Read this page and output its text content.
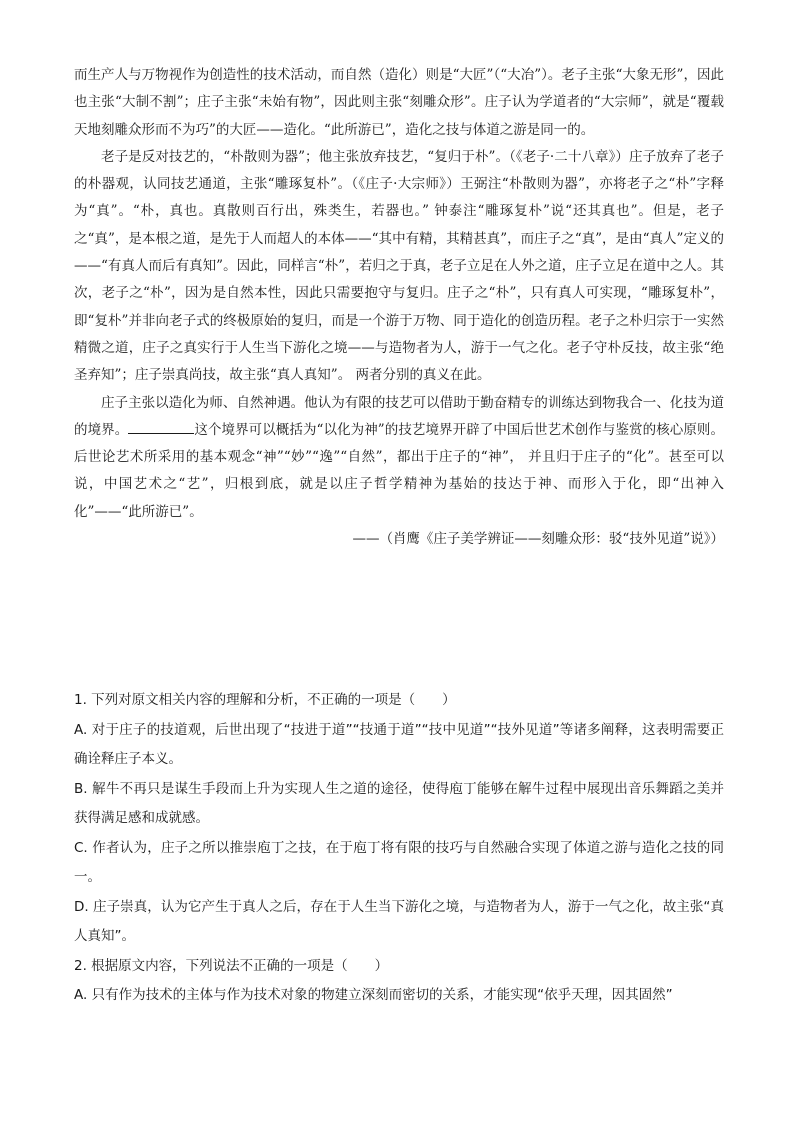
而生产人与万物视作为创造性的技术活动，而自然（造化）则是“大匠”（“大冶”）。老子主张“大象无形”，因此也主张“大制不割”；庄子主张“未始有物”，因此则主张“刻雕众形”。庄子认为学道者的“大宗师”，就是“覆载天地刻雕众形而不为巧”的大匠——造化。“此所游已”，造化之技与体道之游是同一的。

老子是反对技艺的，“朴散则为器”；他主张放弃技艺，“复归于朴”。（《老子·二十八章》）庄子放弃了老子的朴器观，认同技艺通道，主张“雕琢复朴”。（《庄子·大宗师》）王弼注“朴散则为器”，亦将老子之“朴”字释为“真”。“朴，真也。真散则百行出，殊类生，若器也。” 钟泰注“雕琢复朴”说“还其真也”。但是，老子之“真”，是本根之道，是先于人而超人的本体——“其中有精，其精甚真”，而庄子之“真”，是由“真人”定义的——“有真人而后有真知”。因此，同样言“朴”，若归之于真，老子立足在人外之道，庄子立足在道中之人。其次，老子之“朴”，因为是自然本性，因此只需要抱守与复归。庄子之“朴”，只有真人可实现，“雕琢复朴”，即“复朴”并非向老子式的终极原始的复归，而是一个游于万物、同于造化的创造历程。老子之朴归宗于一实然精微之道，庄子之真实行于人生当下游化之境——与造物者为人，游于一气之化。老子守朴反技，故主张“绝圣弃知”；庄子崇真尚技，故主张“真人真知”。 两者分别的真义在此。

庄子主张以造化为师、自然神遇。他认为有限的技艺可以借助于勤奋精专的训练达到物我合一、化技为道的境界。	这个境界可以概括为“以化为神”的技艺境界开辟了中国后世艺术创作与鉴赏的核心原则。后世论艺术所采用的基本观念“神”“妙”“逸”“自然”，都出于庄子的“神”， 并且归于庄子的“化”。甚至可以说，中国艺术之“艺”，归根到底，就是以庄子哲学精神为基始的技达于神、而形入于化，即“出神入化”——“此所游已”。

——（肖鹰《庄子美学辨证——刻雕众形：驳“技外见道”说》）

1. 下列对原文相关内容的理解和分析，不正确的一项是（　　）

A. 对于庄子的技道观，后世出现了“技进于道”“技通于道”“技中见道”“技外见道”等诸多阐释，这表明需要正确诠释庄子本义。

B. 解牛不再只是谋生手段而上升为实现人生之道的途径，使得庖丁能够在解牛过程中展现出音乐舞蹈之美并获得满足感和成就感。

C. 作者认为，庄子之所以推崇庖丁之技，在于庖丁将有限的技巧与自然融合实现了体道之游与造化之技的同一。

D. 庄子崇真，认为它产生于真人之后，存在于人生当下游化之境，与造物者为人，游于一气之化，故主张“真人真知”。

2. 根据原文内容，下列说法不正确的一项是（　　）

A. 只有作为技术的主体与作为技术对象的物建立深刻而密切的关系，才能实现“依乎天理，因其固然”
